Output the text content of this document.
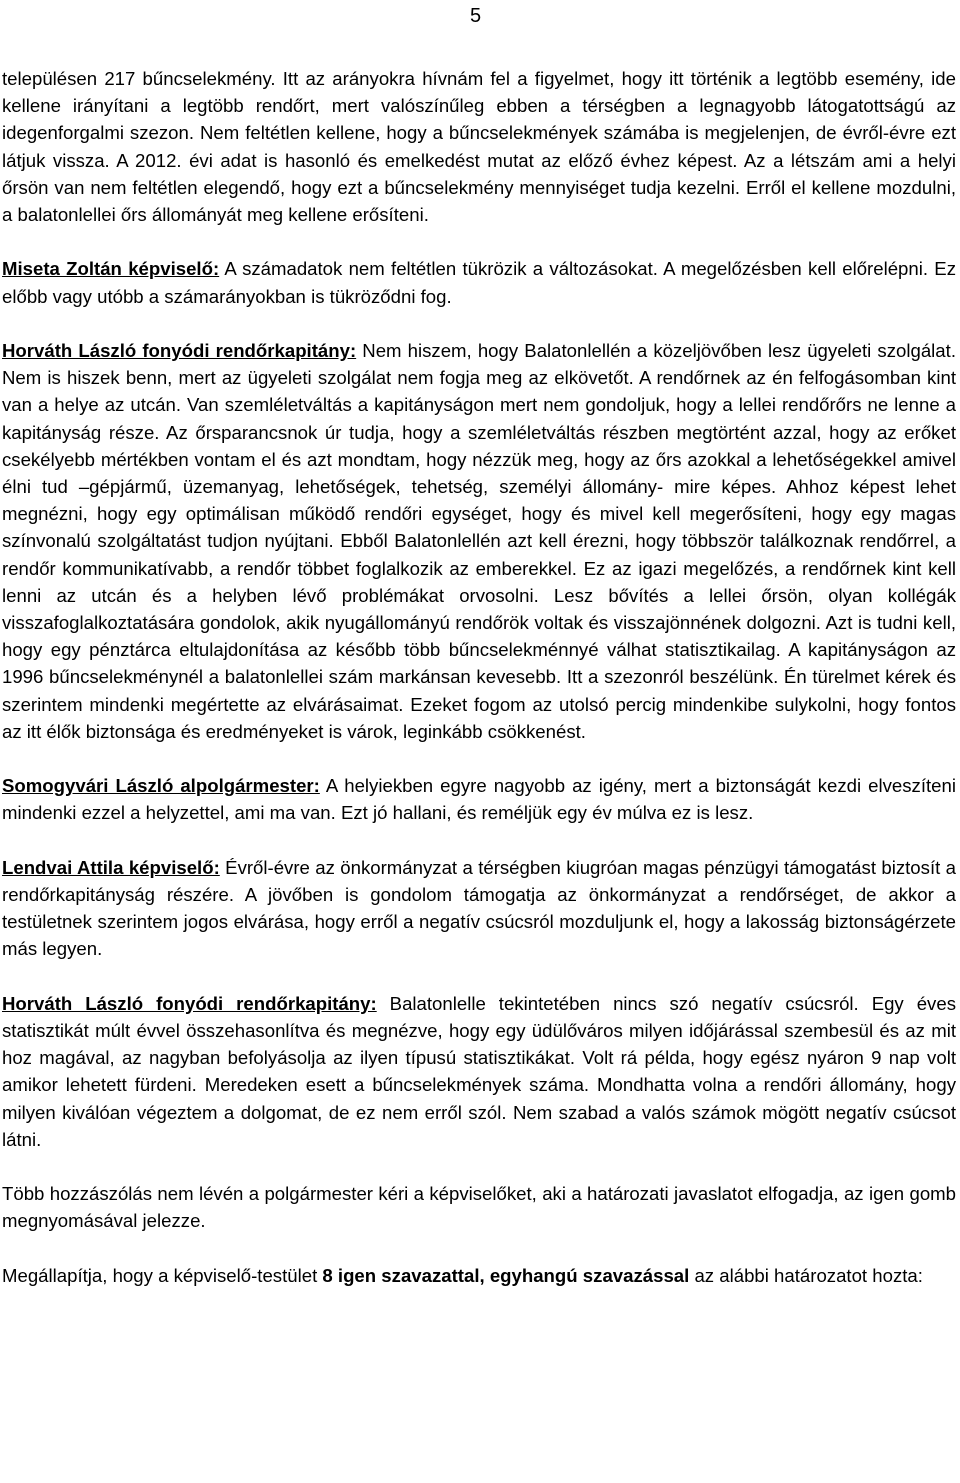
5

településen 217 bűncselekmény. Itt az arányokra hívnám fel a figyelmet, hogy itt történik a legtöbb esemény, ide kellene irányítani a legtöbb rendőrt, mert valószínűleg ebben a térségben a legnagyobb látogatottságú az idegenforgalmi szezon. Nem feltétlen kellene, hogy a bűncselekmények számába is megjelenjen, de évről-évre ezt látjuk vissza. A 2012. évi adat is hasonló és emelkedést mutat az előző évhez képest. Az a létszám ami a helyi őrsön van nem feltétlen elegendő, hogy ezt a bűncselekmény mennyiséget tudja kezelni. Erről el kellene mozdulni, a balatonlellei őrs állományát meg kellene erősíteni.

Miseta Zoltán képviselő: A számadatok nem feltétlen tükrözik a változásokat. A megelőzésben kell előrelépni. Ez előbb vagy utóbb a számarányokban is tükröződni fog.

Horváth László fonyódi rendőrkapitány: Nem hiszem, hogy Balatonlellén a közeljövőben lesz ügyeleti szolgálat. Nem is hiszek benn, mert az ügyeleti szolgálat nem fogja meg az elkövetőt. A rendőrnek az én felfogásomban kint van a helye az utcán. Van szemléletváltás a kapitányságon mert nem gondoljuk, hogy a lellei rendőrőrs ne lenne a kapitányság része. Az őrsparancsnok úr tudja, hogy a szemléletváltás részben megtörtént azzal, hogy az erőket csekélyebb mértékben vontam el és azt mondtam, hogy nézzük meg, hogy az őrs azokkal a lehetőségekkel amivel élni tud –gépjármű, üzemanyag, lehetőségek, tehetség, személyi állomány- mire képes. Ahhoz képest lehet megnézni, hogy egy optimálisan működő rendőri egységet, hogy és mivel kell megerősíteni, hogy egy magas színvonalú szolgáltatást tudjon nyújtani. Ebből Balatonlellén azt kell érezni, hogy többször találkoznak rendőrrel, a rendőr kommunikatívabb, a rendőr többet foglalkozik az emberekkel. Ez az igazi megelőzés, a rendőrnek kint kell lenni az utcán és a helyben lévő problémákat orvosolni. Lesz bővítés a lellei őrsön, olyan kollégák visszafoglalkoztatására gondolok, akik nyugállományú rendőrök voltak és visszajönnének dolgozni. Azt is tudni kell, hogy egy pénztárca eltulajdonítása az később több bűncselekménnyé válhat statisztikailag. A kapitányságon az 1996 bűncselekménynél a balatonlellei szám markánsan kevesebb. Itt a szezonról beszélünk. Én türelmet kérek és szerintem mindenki megértette az elvárásaimat. Ezeket fogom az utolsó percig mindenkibe sulykolni, hogy fontos az itt élők biztonsága és eredményeket is várok, leginkább csökkenést.

Somogyvári László alpolgármester: A helyiekben egyre nagyobb az igény, mert a biztonságát kezdi elveszíteni mindenki ezzel a helyzettel, ami ma van. Ezt jó hallani, és reméljük egy év múlva ez is lesz.

Lendvai Attila képviselő: Évről-évre az önkormányzat a térségben kiugróan magas pénzügyi támogatást biztosít a rendőrkapitányság részére. A jövőben is gondolom támogatja az önkormányzat a rendőrséget, de akkor a testületnek szerintem jogos elvárása, hogy erről a negatív csúcsról mozduljunk el, hogy a lakosság biztonságérzete más legyen.

Horváth László fonyódi rendőrkapitány: Balatonlelle tekintetében nincs szó negatív csúcsról. Egy éves statisztikát múlt évvel összehasonlítva és megnézve, hogy egy üdülőváros milyen időjárással szembesül és az mit hoz magával, az nagyban befolyásolja az ilyen típusú statisztikákat. Volt rá példa, hogy egész nyáron 9 nap volt amikor lehetett fürdeni. Meredeken esett a bűncselekmények száma. Mondhatta volna a rendőri állomány, hogy milyen kiválóan végeztem a dolgomat, de ez nem erről szól. Nem szabad a valós számok mögött negatív csúcsot látni.

Több hozzászólás nem lévén a polgármester kéri a képviselőket, aki a határozati javaslatot elfogadja, az igen gomb megnyomásával jelezze.

Megállapítja, hogy a képviselő-testület 8 igen szavazattal, egyhangú szavazással az alábbi határozatot hozta:
